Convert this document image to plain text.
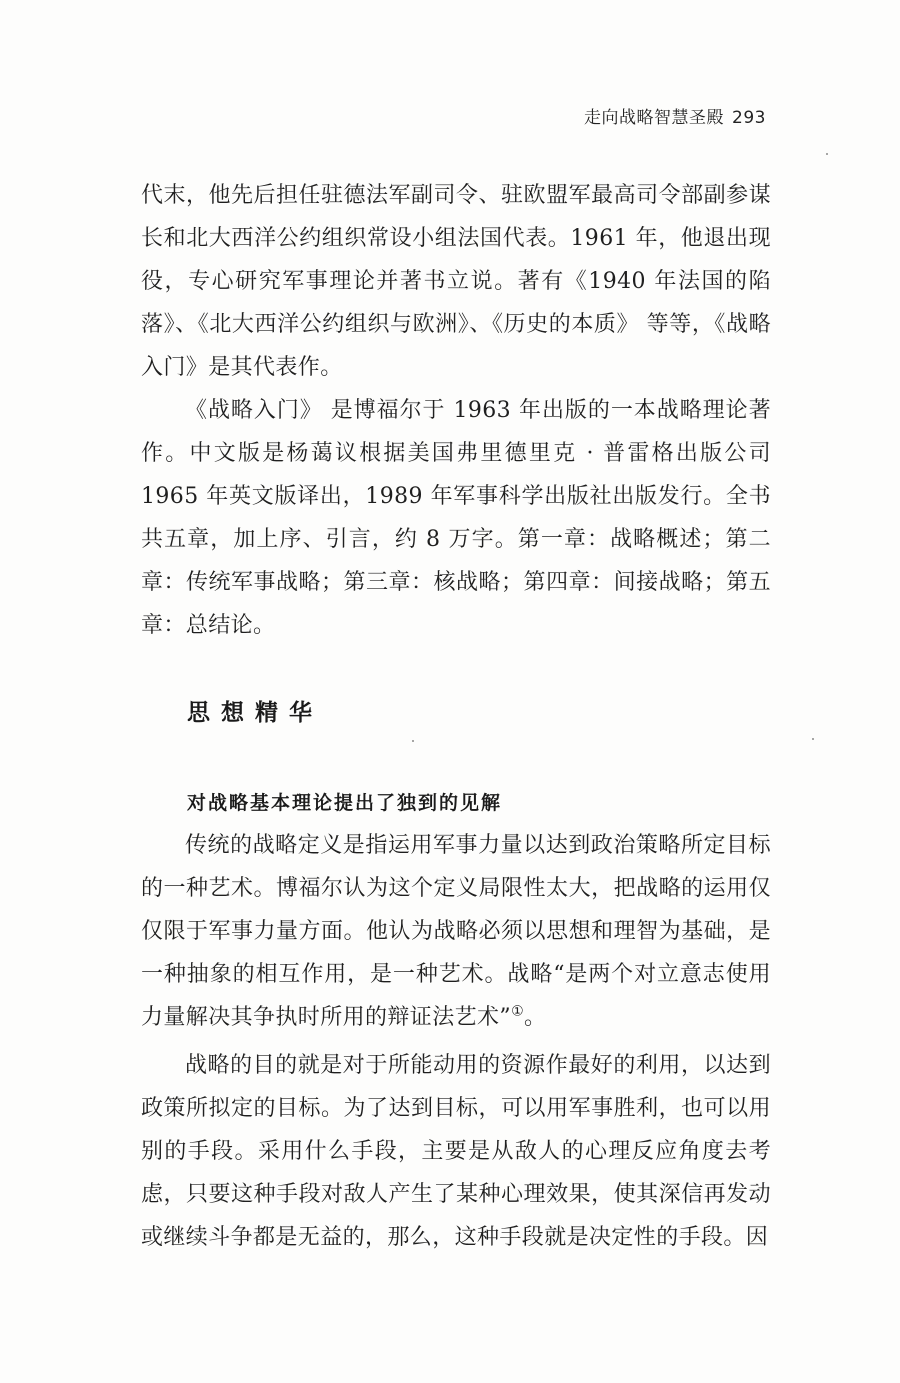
走向战略智慧圣殿 293

代末，他先后担任驻德法军副司令、驻欧盟军最高司令部副参谋长和北大西洋公约组织常设小组法国代表。1961 年，他退出现役，专心研究军事理论并著书立说。著有《1940 年法国的陷落》、《北大西洋公约组织与欧洲》、《历史的本质》 等等，《战略入门》是其代表作。

《战略入门》 是博福尔于 1963 年出版的一本战略理论著作。中文版是杨蔼议根据美国弗里德里克 · 普雷格出版公司 1965 年英文版译出，1989 年军事科学出版社出版发行。全书共五章，加上序、引言，约 8 万字。第一章：战略概述；第二章：传统军事战略；第三章：核战略；第四章：间接战略；第五章：总结论。

思想精华
对战略基本理论提出了独到的见解

传统的战略定义是指运用军事力量以达到政治策略所定目标的一种艺术。博福尔认为这个定义局限性太大，把战略的运用仅仅限于军事力量方面。他认为战略必须以思想和理智为基础，是一种抽象的相互作用，是一种艺术。战略“是两个对立意志使用力量解决其争执时所用的辩证法艺术”①。

战略的目的就是对于所能动用的资源作最好的利用，以达到政策所拟定的目标。为了达到目标，可以用军事胜利，也可以用别的手段。采用什么手段，主要是从敌人的心理反应角度去考虑，只要这种手段对敌人产生了某种心理效果，使其深信再发动或继续斗争都是无益的，那么，这种手段就是决定性的手段。因
